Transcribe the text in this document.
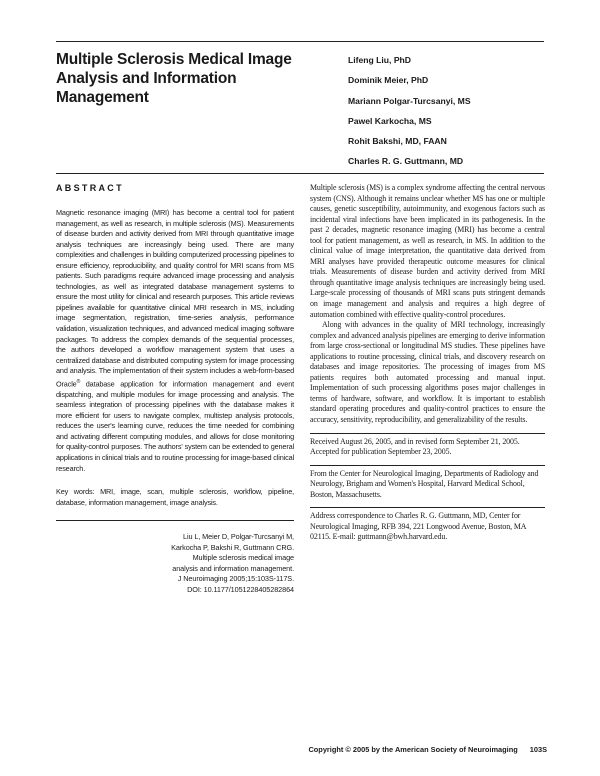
Multiple Sclerosis Medical Image Analysis and Information Management
Lifeng Liu, PhD
Dominik Meier, PhD
Mariann Polgar-Turcsanyi, MS
Pawel Karkocha, MS
Rohit Bakshi, MD, FAAN
Charles R. G. Guttmann, MD
ABSTRACT

Magnetic resonance imaging (MRI) has become a central tool for patient management, as well as research, in multiple sclerosis (MS). Measurements of disease burden and activity derived from MRI through quantitative image analysis techniques are increasingly being used. There are many complexities and challenges in building computerized processing pipelines to ensure efficiency, reproducibility, and quality control for MRI scans from MS patients. Such paradigms require advanced image processing and analysis technologies, as well as integrated database management systems to ensure the most utility for clinical and research purposes. This article reviews pipelines available for quantitative clinical MRI research in MS, including image segmentation, registration, time-series analysis, performance validation, visualization techniques, and advanced medical imaging software packages. To address the complex demands of the sequential processes, the authors developed a workflow management system that uses a centralized database and distributed computing system for image processing and analysis. The implementation of their system includes a web-form-based Oracle® database application for information management and event dispatching, and multiple modules for image processing and analysis. The seamless integration of processing pipelines with the database makes it more efficient for users to navigate complex, multistep analysis protocols, reduces the user's learning curve, reduces the time needed for combining and activating different computing modules, and allows for close monitoring for quality-control purposes. The authors' system can be extended to general applications in clinical trials and to routine processing for image-based clinical research.

Key words: MRI, image, scan, multiple sclerosis, workflow, pipeline, database, information management, image analysis.

Liu L, Meier D, Polgar-Turcsanyi M,
Karkocha P, Bakshi R, Guttmann CRG.
Multiple sclerosis medical image
analysis and information management.
J Neuroimaging 2005;15:103S-117S.
DOI: 10.1177/1051228405282864

Multiple sclerosis (MS) is a complex syndrome affecting the central nervous system (CNS). Although it remains unclear whether MS has one or multiple causes, genetic susceptibility, autoimmunity, and exogenous factors such as incidental viral infections have been implicated in its pathogenesis. In the past 2 decades, magnetic resonance imaging (MRI) has become a central tool for patient management, as well as research, in MS. In addition to the clinical value of image interpretation, the quantitative data derived from MRI analyses have provided therapeutic outcome measures for clinical trials. Measurements of disease burden and activity derived from MRI through quantitative image analysis techniques are increasingly being used. Large-scale processing of thousands of MRI scans puts stringent demands on image management and analysis and requires a high degree of automation combined with effective quality-control procedures.

Along with advances in the quality of MRI technology, increasingly complex and advanced analysis pipelines are emerging to derive information from large cross-sectional or longitudinal MS studies. These pipelines have applications to routine processing, clinical trials, and discovery research on databases and image repositories. The processing of images from MS patients requires both automated processing and manual input. Implementation of such processing algorithms poses major challenges in terms of hardware, software, and workflow. It is important to establish standard operating procedures and quality-control practices to ensure the accuracy, sensitivity, reproducibility, and generalizability of the results.

Received August 26, 2005, and in revised form September 21, 2005. Accepted for publication September 23, 2005.

From the Center for Neurological Imaging, Departments of Radiology and Neurology, Brigham and Women's Hospital, Harvard Medical School, Boston, Massachusetts.

Address correspondence to Charles R. G. Guttmann, MD, Center for Neurological Imaging, RFB 394, 221 Longwood Avenue, Boston, MA 02115. E-mail: guttmann@bwh.harvard.edu.

Copyright © 2005 by the American Society of Neuroimaging 103S
